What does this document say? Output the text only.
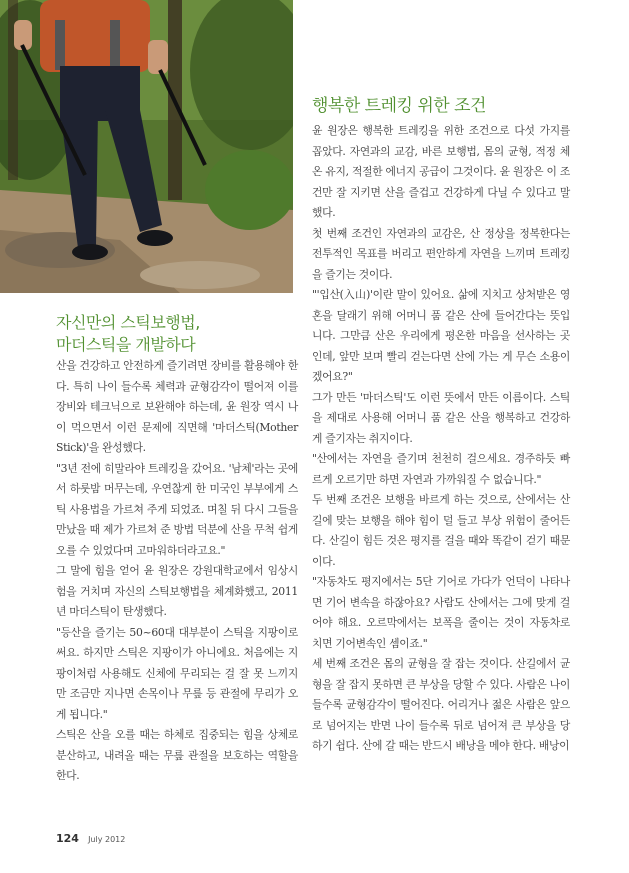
행복한 트레킹 위한 조건

윤 원장은 행복한 트레킹을 위한 조건으로 다섯 가지를 꼽았다. 자연과의 교감, 바른 보행법, 몸의 균형, 적정 체온 유지, 적절한 에너지 공급이 그것이다. 윤 원장은 이 조건만 잘 지키면 산을 즐겁고 건강하게 다닐 수 있다고 말했다.

첫 번째 조건인 자연과의 교감은, 산 정상을 정복한다는 전투적인 목표를 버리고 편안하게 자연을 느끼며 트레킹을 즐기는 것이다.

"'입산(入山)'이란 말이 있어요. 삶에 지치고 상처받은 영혼을 달래기 위해 어머니 품 같은 산에 들어간다는 뜻입니다. 그만큼 산은 우리에게 평온한 마음을 선사하는 곳인데, 앞만 보며 빨리 걷는다면 산에 가는 게 무슨 소용이겠어요?"

그가 만든 '마더스틱'도 이런 뜻에서 만든 이름이다. 스틱을 제대로 사용해 어머니 품 같은 산을 행복하고 건강하게 즐기자는 취지이다.

"산에서는 자연을 즐기며 천천히 걸으세요. 경주하듯 빠르게 오르기만 하면 자연과 가까워질 수 없습니다."

두 번째 조건은 보행을 바르게 하는 것으로, 산에서는 산길에 맞는 보행을 해야 힘이 덜 들고 부상 위험이 줄어든다. 산길이 힘든 것은 평지를 걸을 때와 똑같이 걷기 때문이다.

"자동차도 평지에서는 5단 기어로 가다가 언덕이 나타나면 기어 변속을 하잖아요? 사람도 산에서는 그에 맞게 걸어야 해요. 오르막에서는 보폭을 줄이는 것이 자동차로 치면 기어변속인 셈이죠."

세 번째 조건은 몸의 균형을 잘 잡는 것이다. 산길에서 균형을 잘 잡지 못하면 큰 부상을 당할 수 있다. 사람은 나이 들수록 균형감각이 떨어진다. 어리거나 젊은 사람은 앞으로 넘어지는 반면 나이 들수록 뒤로 넘어져 큰 부상을 당하기 쉽다. 산에 갈 때는 반드시 배낭을 메야 한다. 배낭이

자신만의 스틱보행법,
마더스틱을 개발하다

산을 건강하고 안전하게 즐기려면 장비를 활용해야 한다. 특히 나이 들수록 체력과 균형감각이 떨어져 이를 장비와 테크닉으로 보완해야 하는데, 윤 원장 역시 나이 먹으면서 이런 문제에 직면해 '마더스틱(Mother Stick)'을 완성했다.

"3년 전에 히말라야 트레킹을 갔어요. '남체'라는 곳에서 하룻밤 머무는데, 우연찮게 한 미국인 부부에게 스틱 사용법을 가르쳐 주게 되었죠. 며칠 뒤 다시 그들을 만났을 때 제가 가르쳐 준 방법 덕분에 산을 무척 쉽게 오를 수 있었다며 고마워하더라고요."

그 말에 힘을 얻어 윤 원장은 강원대학교에서 임상시험을 거치며 자신의 스틱보행법을 체계화했고, 2011년 마더스틱이 탄생했다.

"등산을 즐기는 50~60대 대부분이 스틱을 지팡이로 써요. 하지만 스틱은 지팡이가 아니에요. 처음에는 지팡이처럼 사용해도 신체에 무리되는 걸 잘 못 느끼지만 조금만 지나면 손목이나 무릎 등 관절에 무리가 오게 됩니다."

스틱은 산을 오를 때는 하체로 집중되는 힘을 상체로 분산하고, 내려올 때는 무릎 관절을 보호하는 역할을 한다.

124 July 2012
